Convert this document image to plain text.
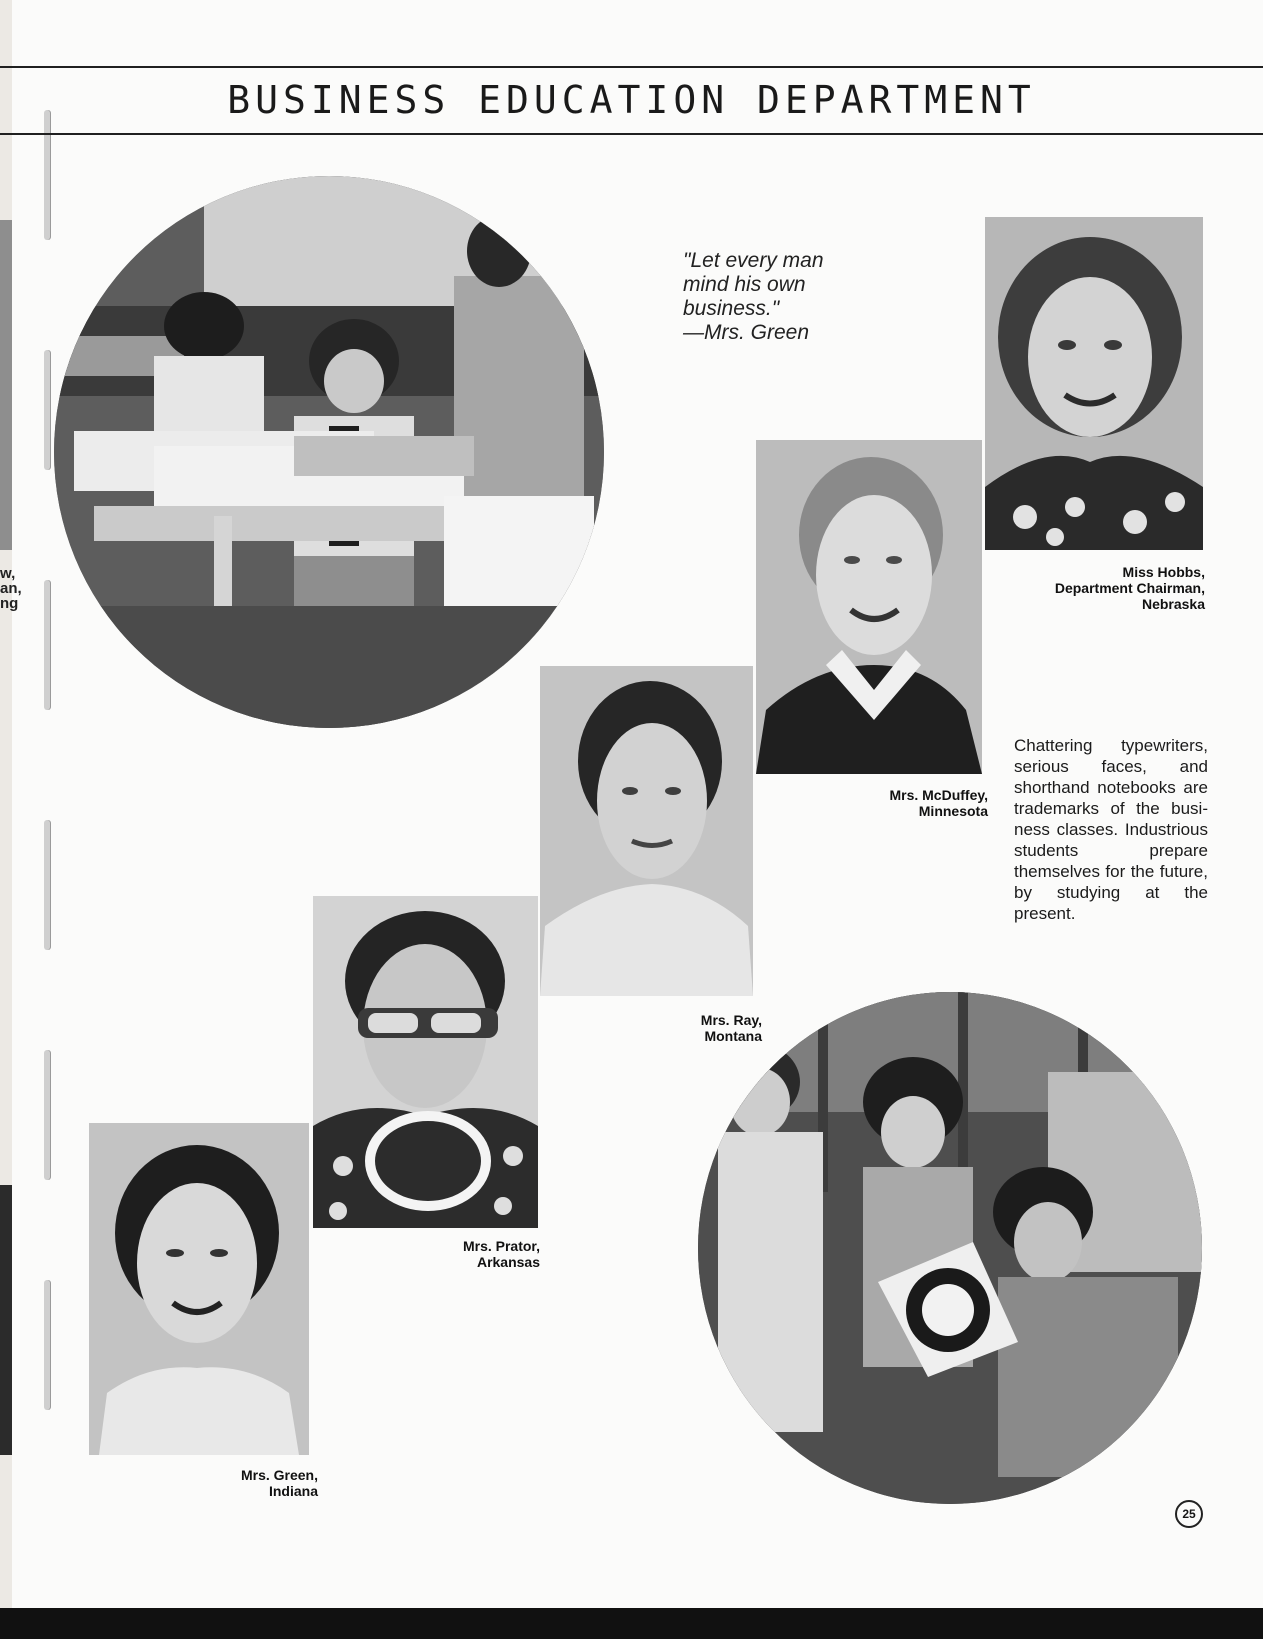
w,
an,
ng
BUSINESS EDUCATION DEPARTMENT
"Let every man
mind his own
business."
—Mrs. Green
Miss Hobbs,
Department Chairman,
Nebraska
Mrs. McDuffey,
Minnesota
Chattering typewriters, serious faces, and shorthand notebooks are trademarks of the business classes. Industrious students prepare themselves for the future, by studying at the present.
Mrs. Ray,
Montana
Mrs. Prator,
Arkansas
Mrs. Green,
Indiana
25
